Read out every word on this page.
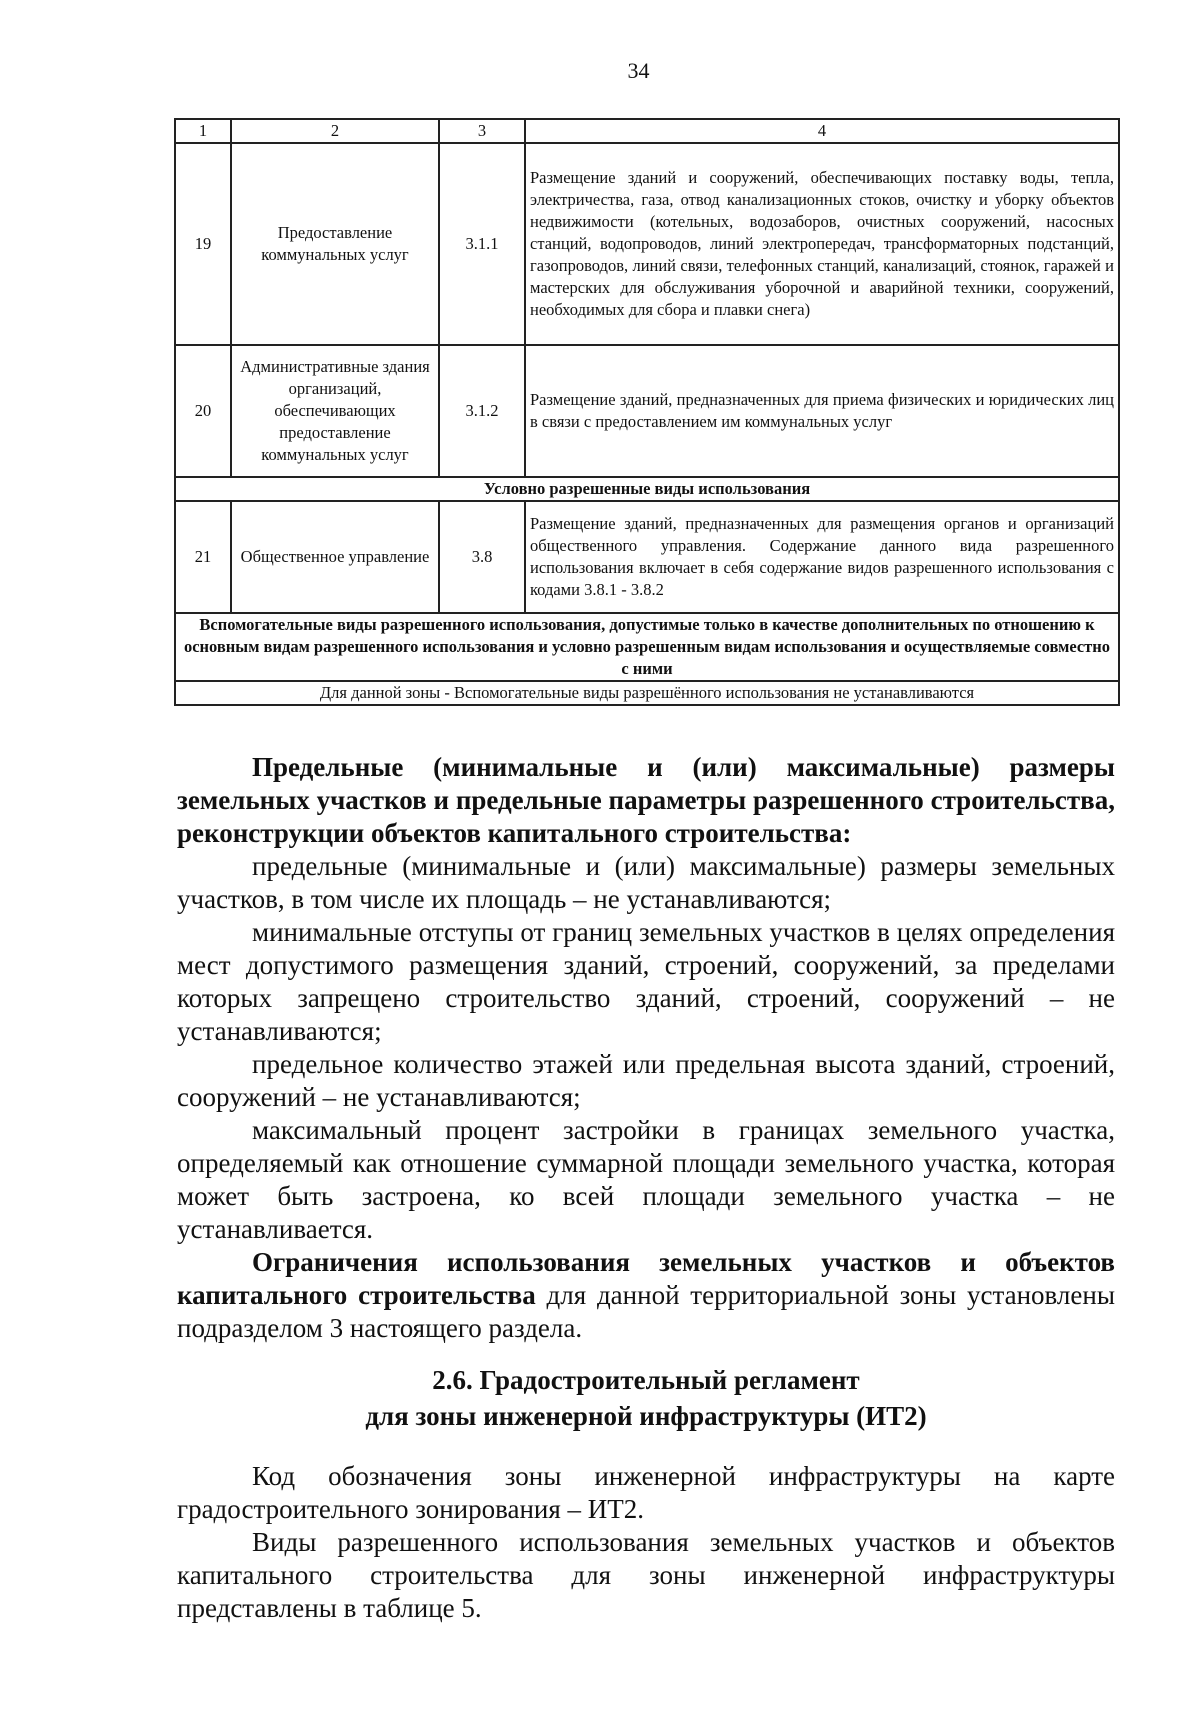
34
1	2	3	4
19	Предоставление коммунальных услуг	3.1.1	Размещение зданий и сооружений, обеспечивающих поставку воды, тепла, электричества, газа, отвод канализационных стоков, очистку и уборку объектов недвижимости (котельных, водозаборов, очистных сооружений, насосных станций, водопроводов, линий электропередач, трансформаторных подстанций, газопроводов, линий связи, телефонных станций, канализаций, стоянок, гаражей и мастерских для обслуживания уборочной и аварийной техники, сооружений, необходимых для сбора и плавки снега)
20	Административные здания организаций, обеспечивающих предоставление коммунальных услуг	3.1.2	Размещение зданий, предназначенных для приема физических и юридических лиц в связи с предоставлением им коммунальных услуг
Условно разрешенные виды использования			
21	Общественное управление	3.8	Размещение зданий, предназначенных для размещения органов и организаций общественного управления. Содержание данного вида разрешенного использования включает в себя содержание видов разрешенного использования с кодами 3.8.1 - 3.8.2
Вспомогательные виды разрешенного использования, допустимые только в качестве дополнительных по отношению к основным видам разрешенного использования и условно разрешенным видам использования и осуществляемые совместно с ними			
Для данной зоны - Вспомогательные виды разрешённого использования не устанавливаются			

Предельные (минимальные и (или) максимальные) размеры земельных участков и предельные параметры разрешенного строительства, реконструкции объектов капитального строительства:

предельные (минимальные и (или) максимальные) размеры земельных участков, в том числе их площадь – не устанавливаются;

минимальные отступы от границ земельных участков в целях определения мест допустимого размещения зданий, строений, сооружений, за пределами которых запрещено строительство зданий, строений, сооружений – не устанавливаются;

предельное количество этажей или предельная высота зданий, строений, сооружений – не устанавливаются;

максимальный процент застройки в границах земельного участка, определяемый как отношение суммарной площади земельного участка, которая может быть застроена, ко всей площади земельного участка – не устанавливается.

Ограничения использования земельных участков и объектов капитального строительства для данной территориальной зоны установлены подразделом 3 настоящего раздела.

2.6. Градостроительный регламент
для зоны инженерной инфраструктуры (ИТ2)

Код обозначения зоны инженерной инфраструктуры на карте градостроительного зонирования – ИТ2.

Виды разрешенного использования земельных участков и объектов капитального строительства для зоны инженерной инфраструктуры представлены в таблице 5.
